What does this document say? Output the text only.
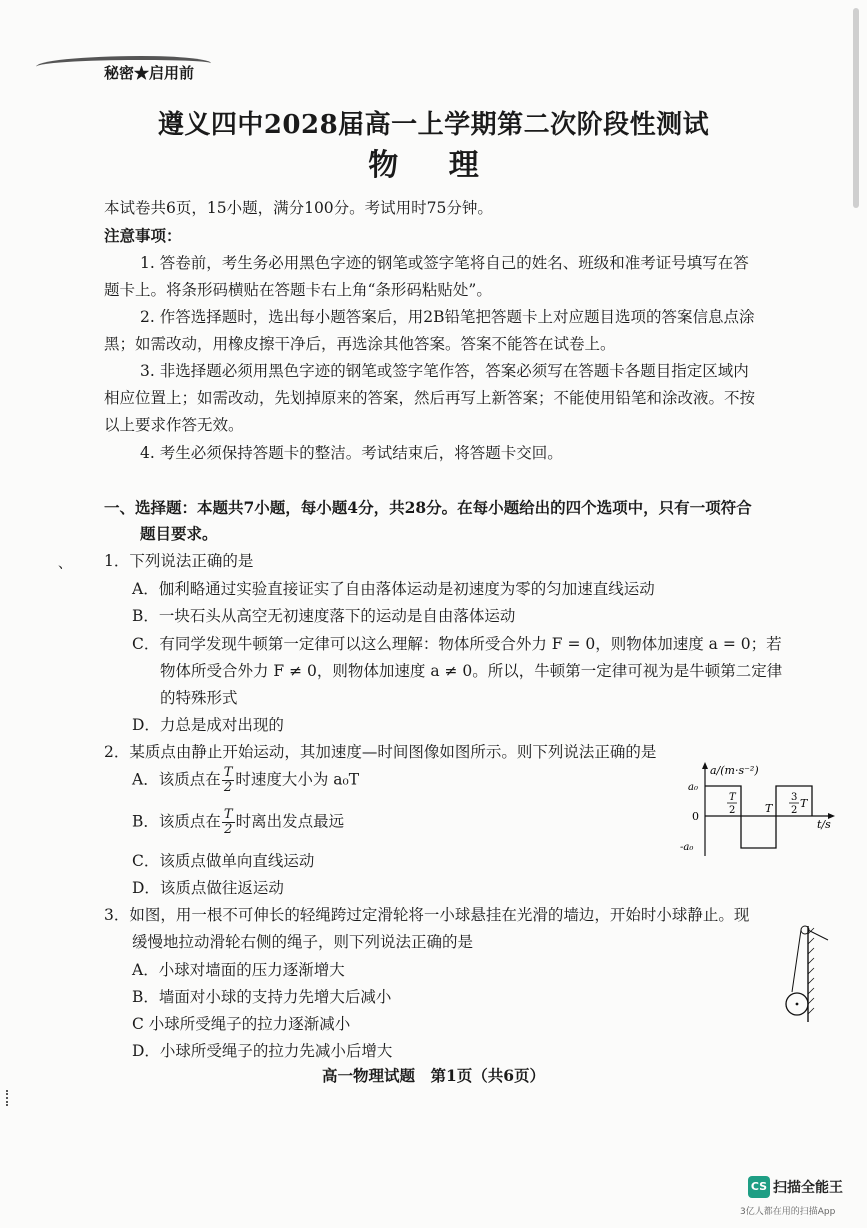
秘密★启用前
遵义四中2028届高一上学期第二次阶段性测试
物 理
本试卷共6页，15小题，满分100分。考试用时75分钟。
注意事项：
1. 答卷前，考生务必用黑色字迹的钢笔或签字笔将自己的姓名、班级和准考证号填写在答
题卡上。将条形码横贴在答题卡右上角“条形码粘贴处”。
2. 作答选择题时，选出每小题答案后，用2B铅笔把答题卡上对应题目选项的答案信息点涂
黑；如需改动，用橡皮擦干净后，再选涂其他答案。答案不能答在试卷上。
3. 非选择题必须用黑色字迹的钢笔或签字笔作答，答案必须写在答题卡各题目指定区域内
相应位置上；如需改动，先划掉原来的答案，然后再写上新答案；不能使用铅笔和涂改液。不按
以上要求作答无效。
4. 考生必须保持答题卡的整洁。考试结束后，将答题卡交回。
一、选择题：本题共7小题，每小题4分，共28分。在每小题给出的四个选项中，只有一项符合
题目要求。
、 1．下列说法正确的是
A．伽利略通过实验直接证实了自由落体运动是初速度为零的匀加速直线运动
B．一块石头从高空无初速度落下的运动是自由落体运动
C．有同学发现牛顿第一定律可以这么理解：物体所受合外力 F = 0，则物体加速度 a = 0；若
物体所受合外力 F ≠ 0，则物体加速度 a ≠ 0。所以，牛顿第一定律可视为是牛顿第二定律
的特殊形式
D．力总是成对出现的
2．某质点由静止开始运动，其加速度—时间图像如图所示。则下列说法正确的是
A．该质点在 $\frac{T}{2}$ 时速度大小为 a₀T
B．该质点在 $\frac{T}{2}$ 时离出发点最远
C．该质点做单向直线运动
D．该质点做往返运动
a/(m·s⁻²)
a₀
0
-a₀
t/s
T
2	T
3
2
T
3．如图，用一根不可伸长的轻绳跨过定滑轮将一小球悬挂在光滑的墙边，开始时小球静止。现
缓慢地拉动滑轮右侧的绳子，则下列说法正确的是
A．小球对墙面的压力逐渐增大
B．墙面对小球的支持力先增大后减小
C 小球所受绳子的拉力逐渐减小
D．小球所受绳子的拉力先减小后增大
高一物理试题　第1页（共6页）
CS 扫描全能王
3亿人都在用的扫描App
